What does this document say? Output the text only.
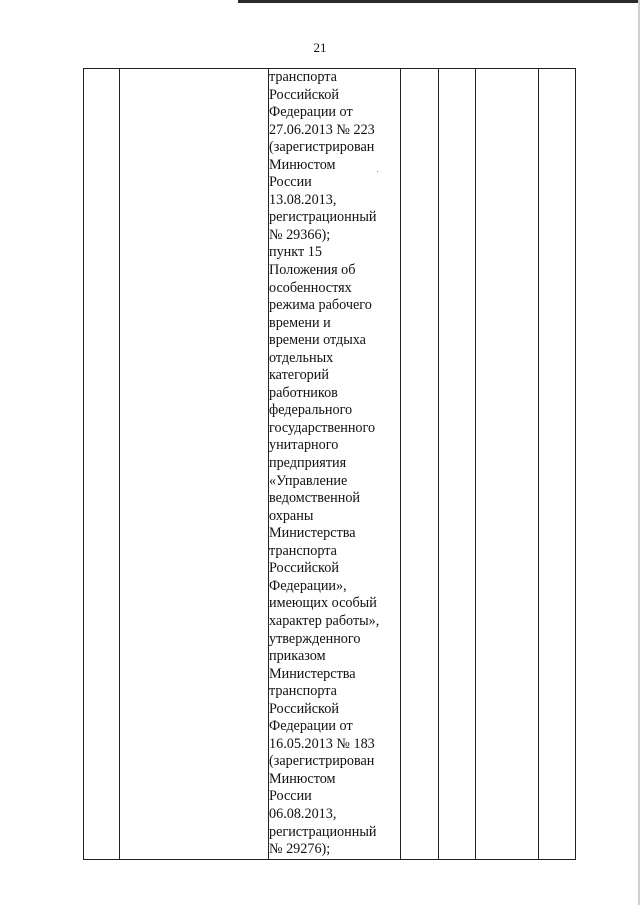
21

транспорта
Российской
Федерации от
27.06.2013 № 223
(зарегистрирован
Минюстом
России
13.08.2013,
регистрационный
№ 29366);
пункт 15
Положения об
особенностях
режима рабочего
времени и
времени отдыха
отдельных
категорий
работников
федерального
государственного
унитарного
предприятия
«Управление
ведомственной
охраны
Министерства
транспорта
Российской
Федерации»,
имеющих особый
характер работы»,
утвержденного
приказом
Министерства
транспорта
Российской
Федерации от
16.05.2013 № 183
(зарегистрирован
Минюстом
России
06.08.2013,
регистрационный
№ 29276);
